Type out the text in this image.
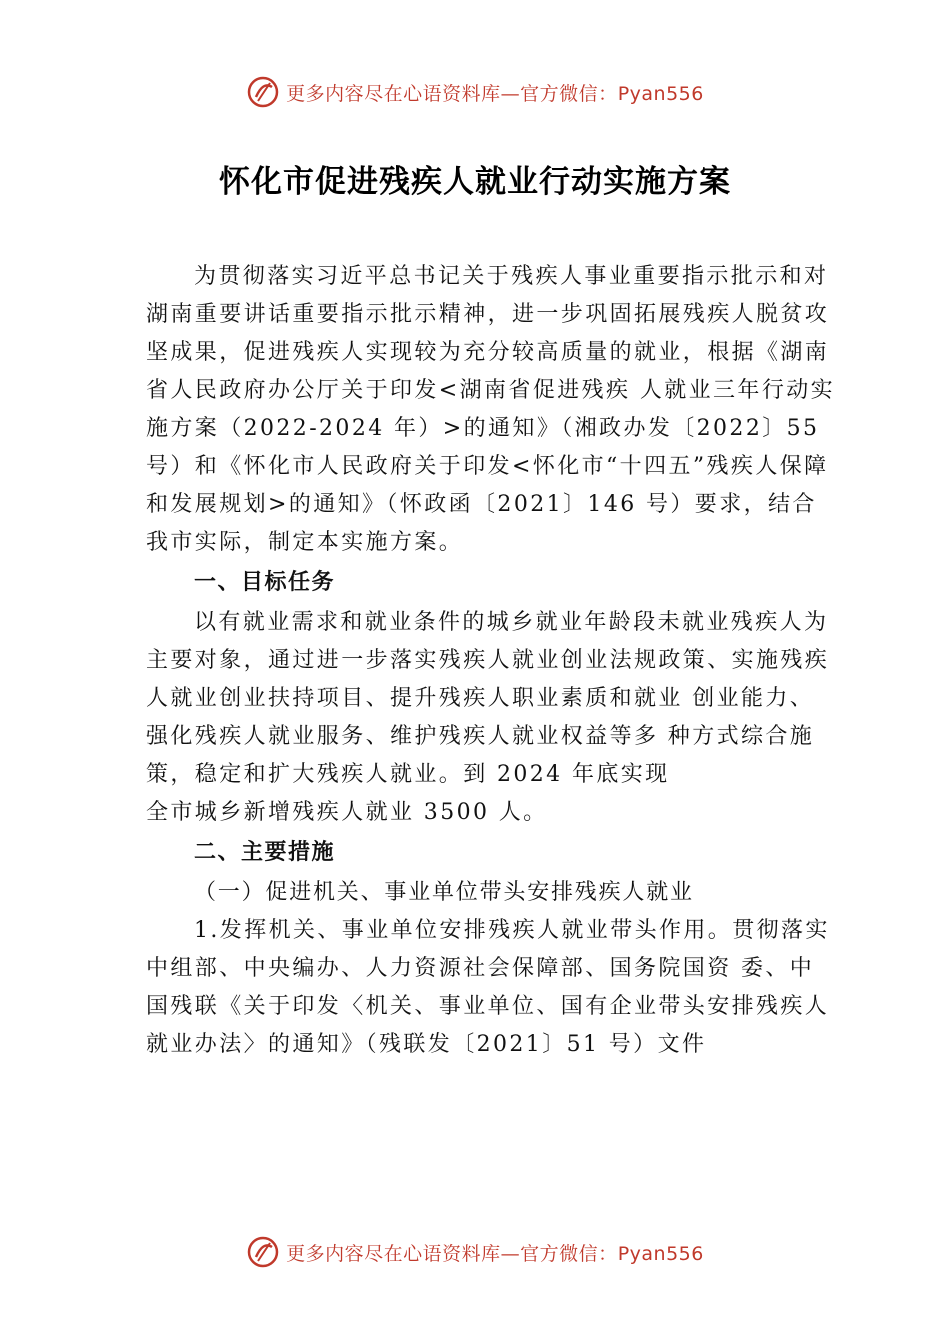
更多内容尽在心语资料库—官方微信：Pyan556
怀化市促进残疾人就业行动实施方案

为贯彻落实习近平总书记关于残疾人事业重要指示批示和对湖南重要讲话重要指示批示精神，进一步巩固拓展残疾人脱贫攻坚成果，促进残疾人实现较为充分较高质量的就业，根据《湖南省人民政府办公厅关于印发<湖南省促进残疾 人就业三年行动实施方案（2022-2024 年）>的通知》（湘政办发〔2022〕55 号）和《怀化市人民政府关于印发<怀化市“十四五”残疾人保障和发展规划>的通知》（怀政函〔2021〕146 号）要求，结合我市实际，制定本实施方案。

一、目标任务

以有就业需求和就业条件的城乡就业年龄段未就业残疾人为主要对象，通过进一步落实残疾人就业创业法规政策、实施残疾人就业创业扶持项目、提升残疾人职业素质和就业 创业能力、强化残疾人就业服务、维护残疾人就业权益等多 种方式综合施策，稳定和扩大残疾人就业。到 2024 年底实现

全市城乡新增残疾人就业 3500 人。

二、主要措施

（一）促进机关、事业单位带头安排残疾人就业

1.发挥机关、事业单位安排残疾人就业带头作用。贯彻落实中组部、中央编办、人力资源社会保障部、国务院国资 委、中国残联《关于印发〈机关、事业单位、国有企业带头安排残疾人就业办法〉的通知》（残联发〔2021〕51 号）文件

更多内容尽在心语资料库—官方微信：Pyan556
